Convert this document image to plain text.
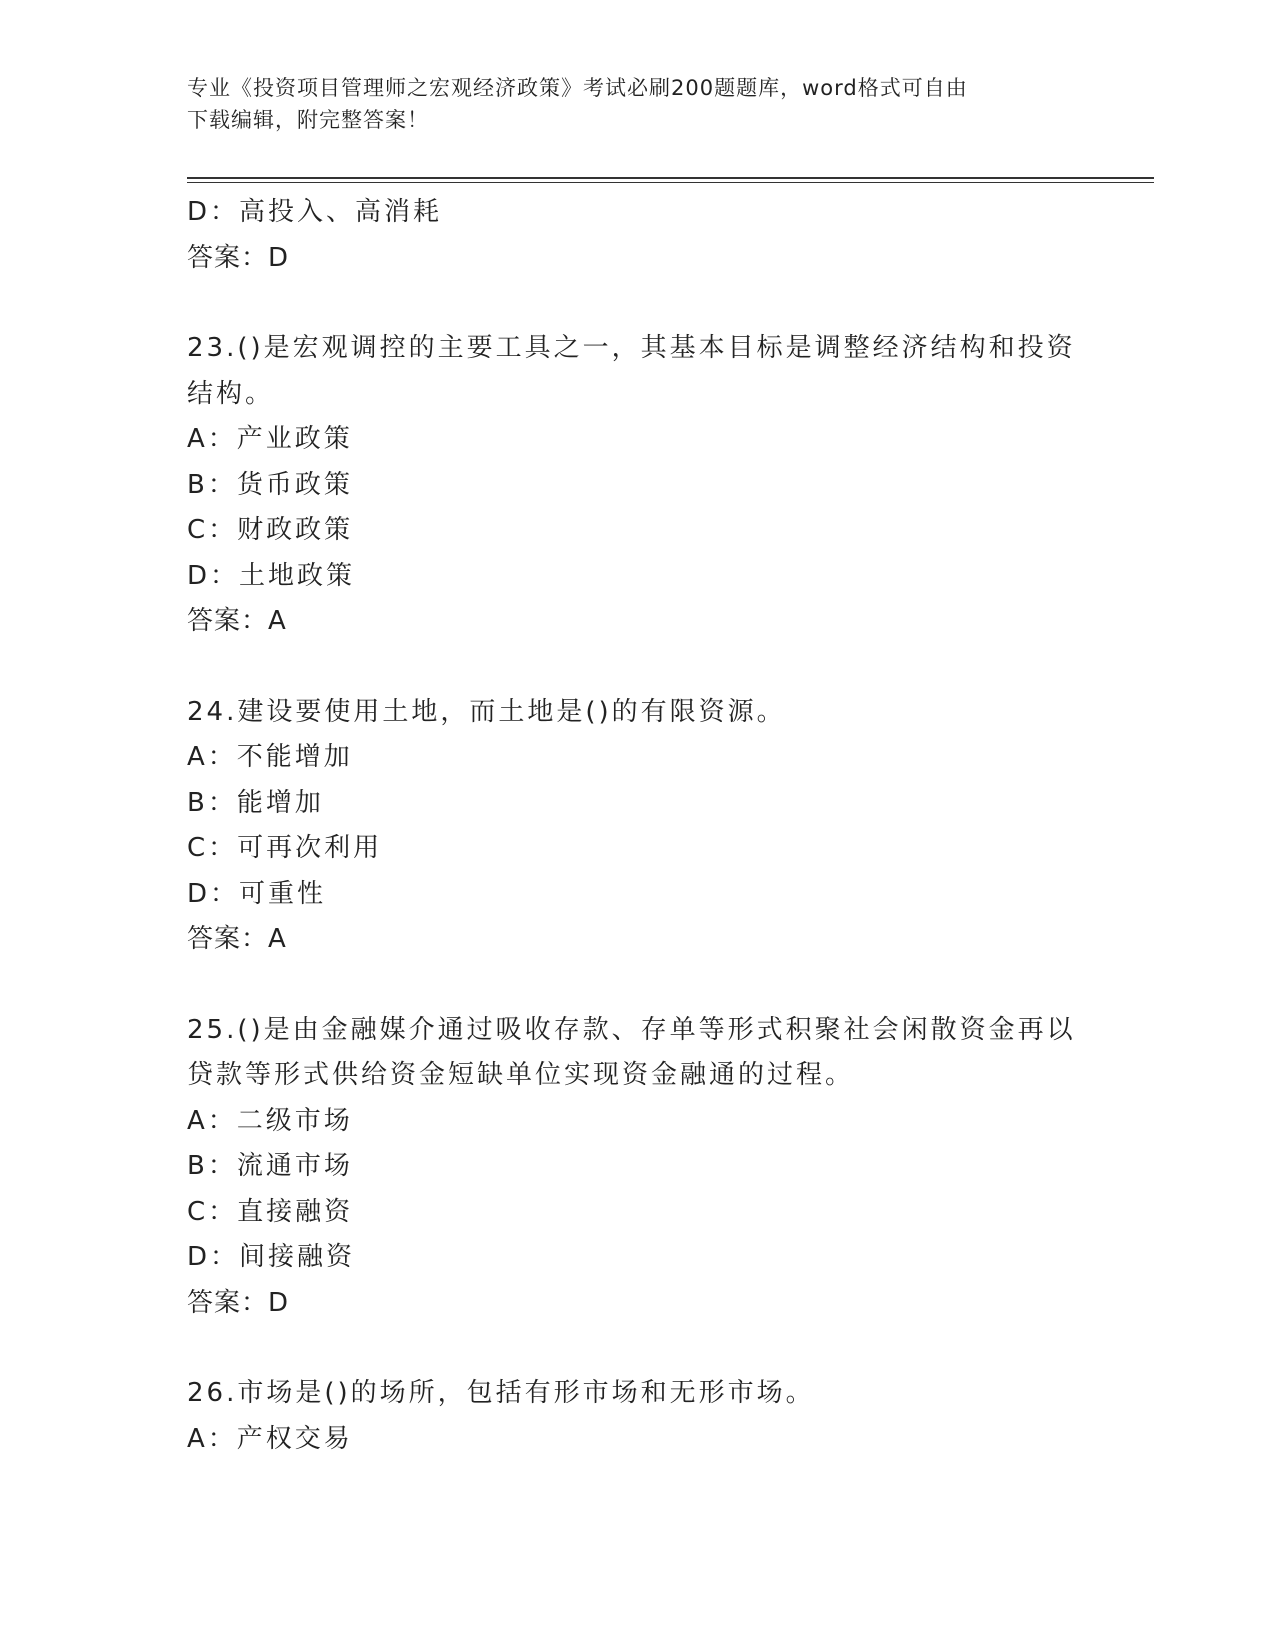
专业《投资项目管理师之宏观经济政策》考试必刷200题题库，word格式可自由
下载编辑，附完整答案！
D：高投入、高消耗
答案：D
23.()是宏观调控的主要工具之一，其基本目标是调整经济结构和投资
结构。
A：产业政策
B：货币政策
C：财政政策
D：土地政策
答案：A
24.建设要使用土地，而土地是()的有限资源。
A：不能增加
B：能增加
C：可再次利用
D：可重性
答案：A
25.()是由金融媒介通过吸收存款、存单等形式积聚社会闲散资金再以
贷款等形式供给资金短缺单位实现资金融通的过程。
A：二级市场
B：流通市场
C：直接融资
D：间接融资
答案：D
26.市场是()的场所，包括有形市场和无形市场。
A：产权交易
